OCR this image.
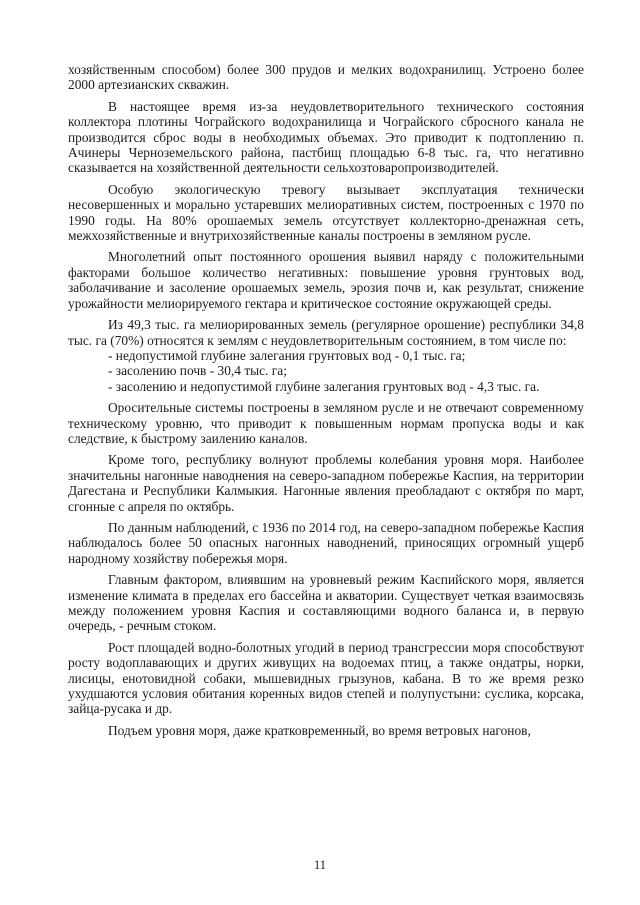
хозяйственным способом) более 300 прудов и мелких водохранилищ. Устроено более 2000 артезианских скважин.

В настоящее время из-за неудовлетворительного технического состояния коллектора плотины Чограйского водохранилища и Чограйского сбросного канала не производится сброс воды в необходимых объемах. Это приводит к подтоплению п. Ачинеры Черноземельского района, пастбищ площадью 6-8 тыс. га, что негативно сказывается на хозяйственной деятельности сельхозтоваропроизводителей.

Особую экологическую тревогу вызывает эксплуатация технически несовершенных и морально устаревших мелиоративных систем, построенных с 1970 по 1990 годы. На 80% орошаемых земель отсутствует коллекторно-дренажная сеть, межхозяйственные и внутрихозяйственные каналы построены в земляном русле.

Многолетний опыт постоянного орошения выявил наряду с положительными факторами большое количество негативных: повышение уровня грунтовых вод, заболачивание и засоление орошаемых земель, эрозия почв и, как результат, снижение урожайности мелиорируемого гектара и критическое состояние окружающей среды.

Из 49,3 тыс. га мелиорированных земель (регулярное орошение) республики 34,8 тыс. га (70%) относятся к землям с неудовлетворительным состоянием, в том числе по:

- недопустимой глубине залегания грунтовых вод - 0,1 тыс. га;

- засолению почв - 30,4 тыс. га;

- засолению и недопустимой глубине залегания грунтовых вод - 4,3 тыс. га.

Оросительные системы построены в земляном русле и не отвечают современному техническому уровню, что приводит к повышенным нормам пропуска воды и как следствие, к быстрому заилению каналов.

Кроме того, республику волнуют проблемы колебания уровня моря. Наиболее значительны нагонные наводнения на северо-западном побережье Каспия, на территории Дагестана и Республики Калмыкия. Нагонные явления преобладают с октября по март, сгонные с апреля по октябрь.

По данным наблюдений, с 1936 по 2014 год, на северо-западном побережье Каспия наблюдалось более 50 опасных нагонных наводнений, приносящих огромный ущерб народному хозяйству побережья моря.

Главным фактором, влиявшим на уровневый режим Каспийского моря, является изменение климата в пределах его бассейна и акватории. Существует четкая взаимосвязь между положением уровня Каспия и составляющими водного баланса и, в первую очередь, - речным стоком.

Рост площадей водно-болотных угодий в период трансгрессии моря способствуют росту водоплавающих и других живущих на водоемах птиц, а также ондатры, норки, лисицы, енотовидной собаки, мышевидных грызунов, кабана. В то же время резко ухудшаются условия обитания коренных видов степей и полупустыни: суслика, корсака, зайца-русака и др.

Подъем уровня моря, даже кратковременный, во время ветровых нагонов,

11
